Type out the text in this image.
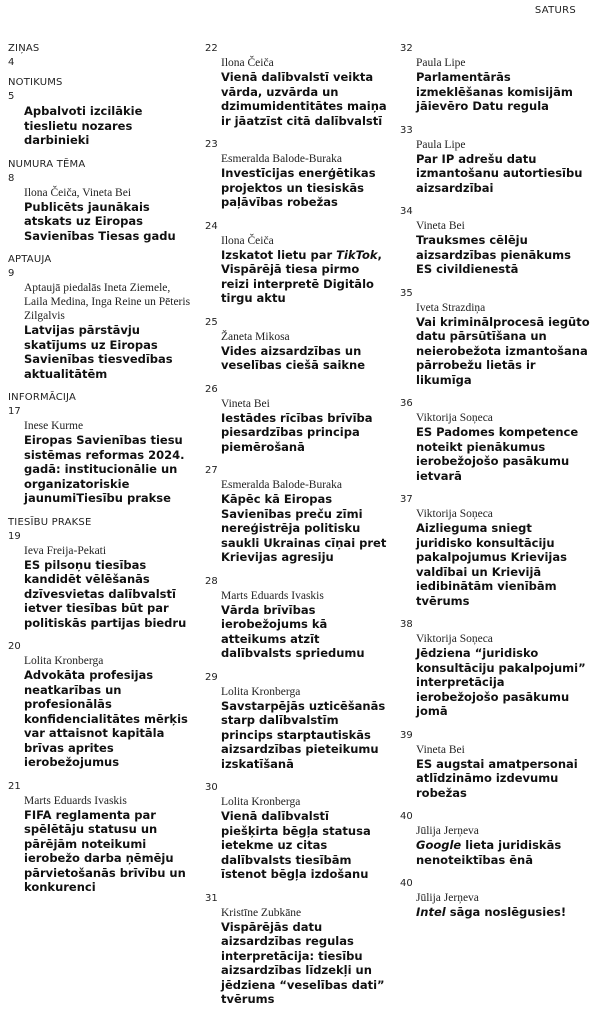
SATURS

ZIŅAS

4

NOTIKUMS

5

Apbalvoti izcilākie tieslietu nozares darbinieki

NUMURA TĒMA

8

Ilona Čeiča, Vineta Bei

Publicēts jaunākais atskats uz Eiropas Savienības Tiesas gadu

APTAUJA

9

Aptaujā piedalās Ineta Ziemele, Laila Medina, Inga Reine un Pēteris Zilgalvis

Latvijas pārstāvju skatījums uz Eiropas Savienības tiesvedības aktualitātēm

INFORMĀCIJA

17

Inese Kurme

Eiropas Savienības tiesu sistēmas reformas 2024. gadā: institucionālie un organizatoriskie jaunumiTiesību prakse

TIESĪBU PRAKSE

19

Ieva Freija-Pekati

ES pilsoņu tiesības kandidēt vēlēšanās dzīvesvietas dalībvalstī ietver tiesības būt par politiskās partijas biedru

20

Lolita Kronberga

Advokāta profesijas neatkarības un profesionālās konfidencialitātes mērķis var attaisnot kapitāla brīvas aprites ierobežojumus

21

Marts Eduards Ivaskis

FIFA reglamenta par spēlētāju statusu un pārējām noteikumi ierobežo darba ņēmēju pārvietošanās brīvību un konkurenci

22

Ilona Čeiča

Vienā dalībvalstī veikta vārda, uzvārda un dzimumidentitātes maiņa ir jāatzīst citā dalībvalstī

23

Esmeralda Balode-Buraka

Investīcijas enerģētikas projektos un tiesiskās paļāvības robežas

24

Ilona Čeiča

Izskatot lietu par TikTok, Vispārējā tiesa pirmo reizi interpretē Digitālo tirgu aktu

25

Žaneta Mikosa

Vides aizsardzības un veselības ciešā saikne

26

Vineta Bei

Iestādes rīcības brīvība piesardzības principa piemērošanā

27

Esmeralda Balode-Buraka

Kāpēc kā Eiropas Savienības preču zīmi nereģistrēja politisku saukli Ukrainas cīņai pret Krievijas agresiju

28

Marts Eduards Ivaskis

Vārda brīvības ierobežojums kā atteikums atzīt dalībvalsts spriedumu

29

Lolita Kronberga

Savstarpējās uzticēšanās starp dalībvalstīm princips starptautiskās aizsardzības pieteikumu izskatīšanā

30

Lolita Kronberga

Vienā dalībvalstī piešķirta bēgļa statusa ietekme uz citas dalībvalsts tiesībām īstenot bēgļa izdošanu

31

Kristīne Zubkāne

Vispārējās datu aizsardzības regulas interpretācija: tiesību aizsardzības līdzekļi un jēdziena “veselības dati” tvērums

32

Paula Lipe

Parlamentārās izmeklēšanas komisijām jāievēro Datu regula

33

Paula Lipe

Par IP adrešu datu izmantošanu autortiesību aizsardzībai

34

Vineta Bei

Trauksmes cēlēju aizsardzības pienākums ES civildienestā

35

Iveta Strazdiņa

Vai kriminālprocesā iegūto datu pārsūtīšana un neierobežota izmantošana pārrobežu lietās ir likumīga

36

Viktorija Soņeca

ES Padomes kompetence noteikt pienākumus ierobežojošo pasākumu ietvarā

37

Viktorija Soņeca

Aizlieguma sniegt juridisko konsultāciju pakalpojumus Krievijas valdībai un Krievijā iedibinātām vienībām tvērums

38

Viktorija Soņeca

Jēdziena “juridisko konsultāciju pakalpojumi” interpretācija ierobežojošo pasākumu jomā

39

Vineta Bei

ES augstai amatpersonai atlīdzināmo izdevumu robežas

40

Jūlija Jerņeva

Google lieta juridiskās nenoteiktības ēnā

40

Jūlija Jerņeva

Intel sāga noslēgusies!
